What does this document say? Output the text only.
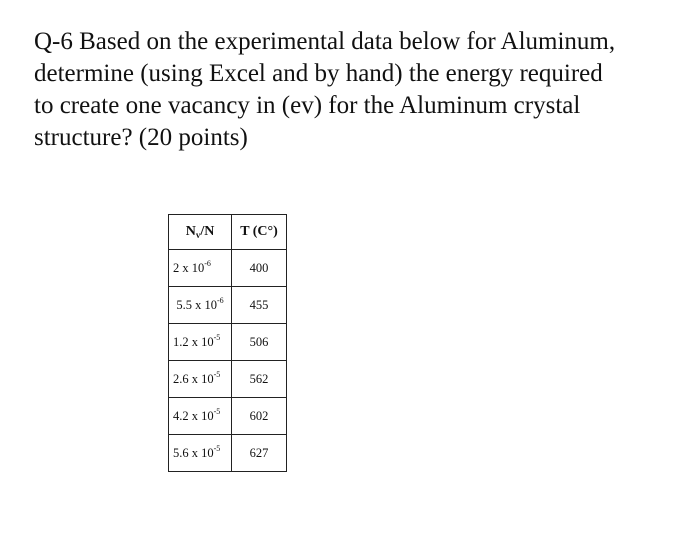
Q-6 Based on the experimental data below for Aluminum,
determine (using Excel and by hand) the energy required
to create one vacancy in (ev) for the Aluminum crystal
structure? (20 points)

$N_v/N$	T (C°)
2 x $10^{-6}$	400
5.5 x $10^{-6}$	455
1.2 x $10^{-5}$	506
2.6 x $10^{-5}$	562
4.2 x $10^{-5}$	602
5.6 x $10^{-5}$	627
